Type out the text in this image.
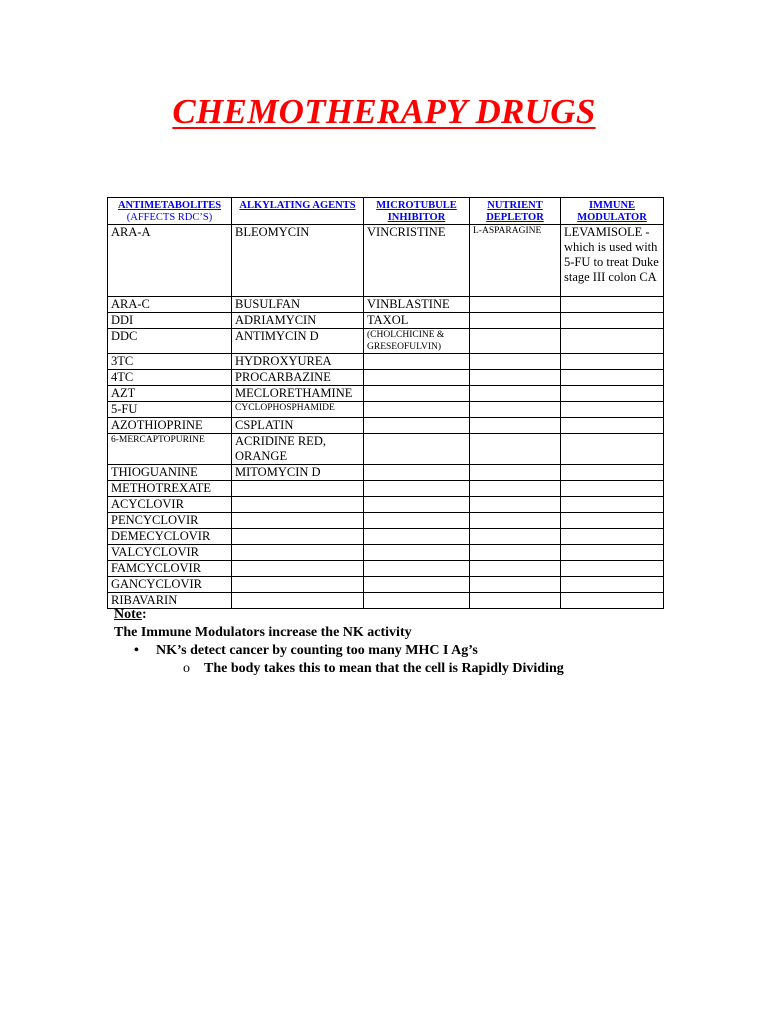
CHEMOTHERAPY DRUGS
ANTIMETABOLITES
(AFFECTS RDC’S)	ALKYLATING AGENTS	MICROTUBULE INHIBITOR	NUTRIENT DEPLETOR	IMMUNE MODULATOR

ARA-A	BLEOMYCIN	VINCRISTINE	L-ASPARAGINE	LEVAMISOLE -which is used with 5-FU to treat Duke stage III colon CA
ARA-C	BUSULFAN	VINBLASTINE		
DDI	ADRIAMYCIN	TAXOL		
DDC	ANTIMYCIN D	(CHOLCHICINE & GRESEOFULVIN)		
3TC	HYDROXYUREA			
4TC	PROCARBAZINE			
AZT	MECLORETHAMINE			
5-FU	CYCLOPHOSPHAMIDE			
AZOTHIOPRINE	CSPLATIN			
6-MERCAPTOPURINE	ACRIDINE RED, ORANGE			
THIOGUANINE	MITOMYCIN D			
METHOTREXATE				
ACYCLOVIR				
PENCYCLOVIR				
DEMECYCLOVIR				
VALCYCLOVIR				
FAMCYCLOVIR				
GANCYCLOVIR				
RIBAVARIN				
Note:
The Immune Modulators increase the NK activity
•	NK’s detect cancer by counting too many MHC I Ag’s
o	The body takes this to mean that the cell is Rapidly Dividing
